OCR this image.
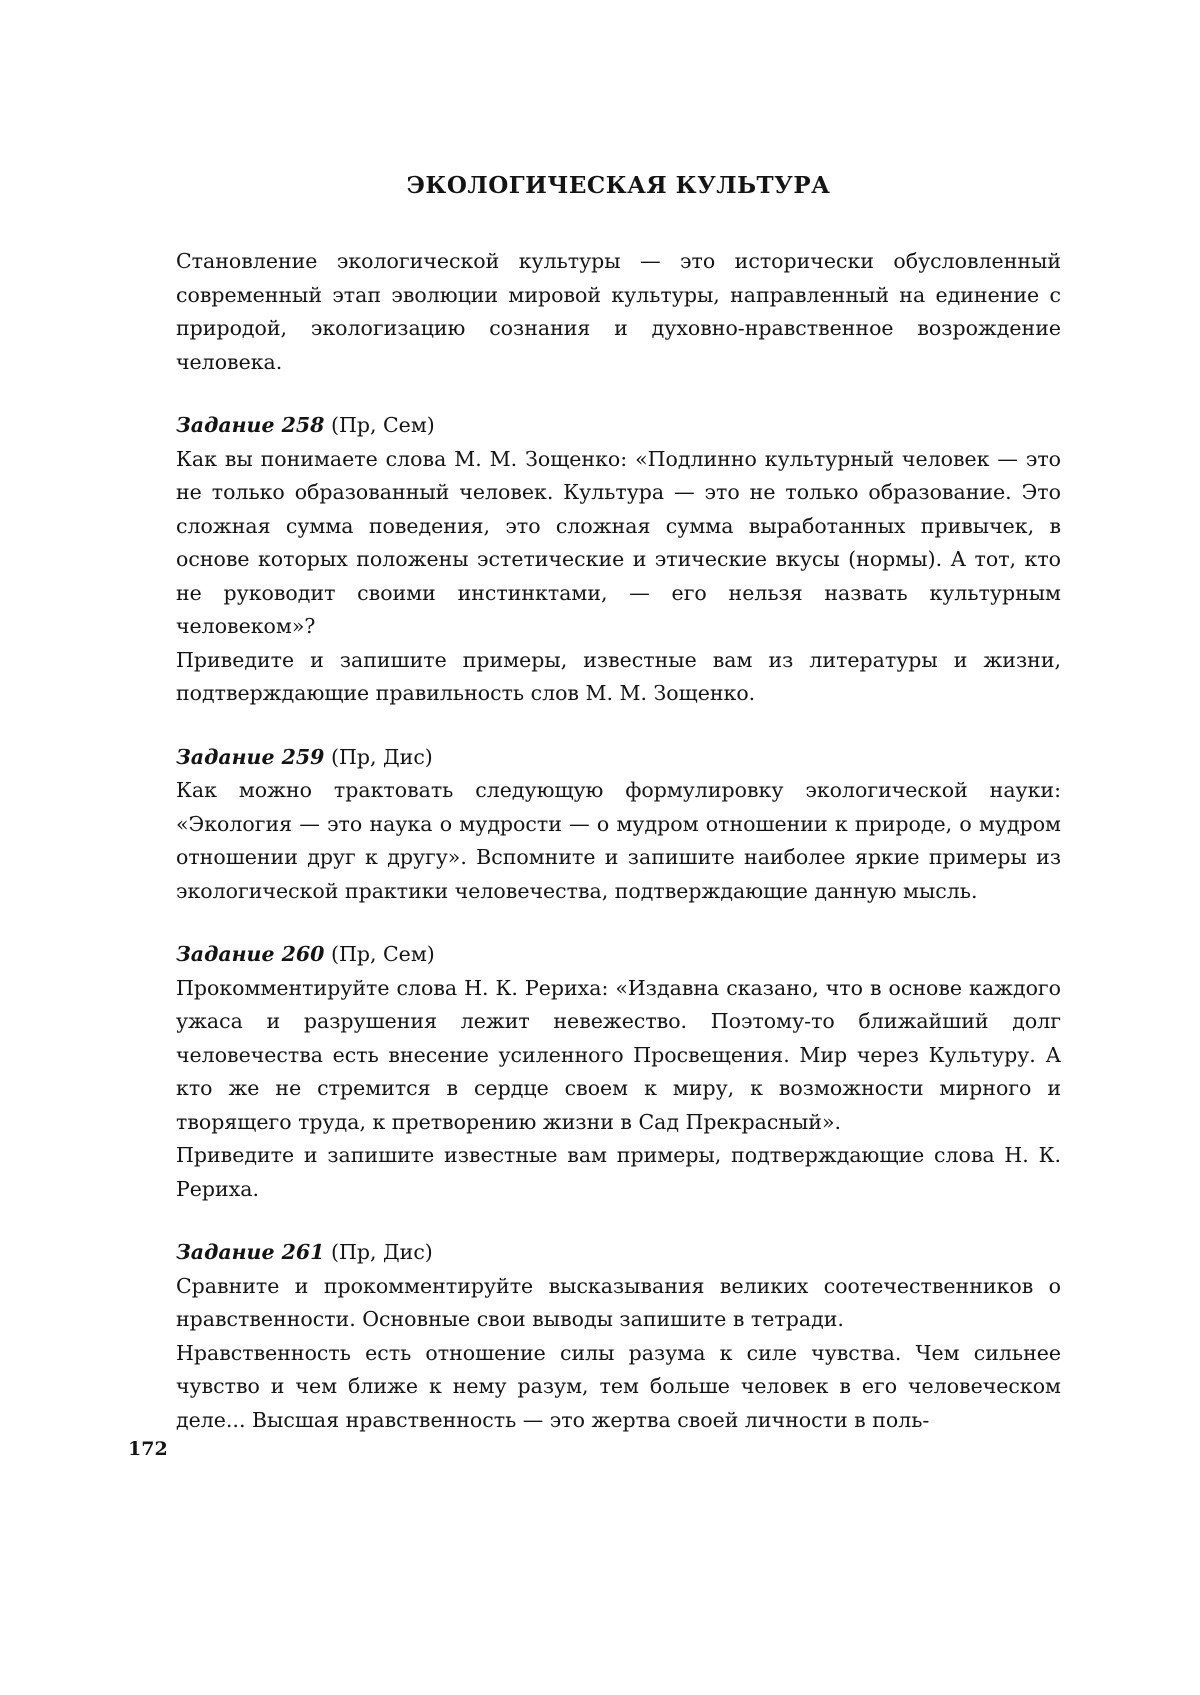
ЭКОЛОГИЧЕСКАЯ КУЛЬТУРА

Становление экологической культуры — это исторически обусловленный современный этап эволюции мировой культуры, направленный на единение с природой, экологизацию сознания и духовно-нравственное возрождение человека.

Задание 258 (Пр, Сем)

Как вы понимаете слова М. М. Зощенко: «Подлинно культурный человек — это не только образованный человек. Культура — это не только образование. Это сложная сумма поведения, это сложная сумма выработанных привычек, в основе которых положены эстетические и этические вкусы (нормы). А тот, кто не руководит своими инстинктами, — его нельзя назвать культурным человеком»?

Приведите и запишите примеры, известные вам из литературы и жизни, подтверждающие правильность слов М. М. Зощенко.

Задание 259 (Пр, Дис)

Как можно трактовать следующую формулировку экологической науки: «Экология — это наука о мудрости — о мудром отношении к природе, о мудром отношении друг к другу». Вспомните и запишите наиболее яркие примеры из экологической практики человечества, подтверждающие данную мысль.

Задание 260 (Пр, Сем)

Прокомментируйте слова Н. К. Рериха: «Издавна сказано, что в основе каждого ужаса и разрушения лежит невежество. Поэтому-то ближайший долг человечества есть внесение усиленного Просвещения. Мир через Культуру. А кто же не стремится в сердце своем к миру, к возможности мирного и творящего труда, к претворению жизни в Сад Прекрасный».

Приведите и запишите известные вам примеры, подтверждающие слова Н. К. Рериха.

Задание 261 (Пр, Дис)

Сравните и прокомментируйте высказывания великих соотечественников о нравственности. Основные свои выводы запишите в тетради.

Нравственность есть отношение силы разума к силе чувства. Чем сильнее чувство и чем ближе к нему разум, тем больше человек в его человеческом деле... Высшая нравственность — это жертва своей личности в поль-

172
